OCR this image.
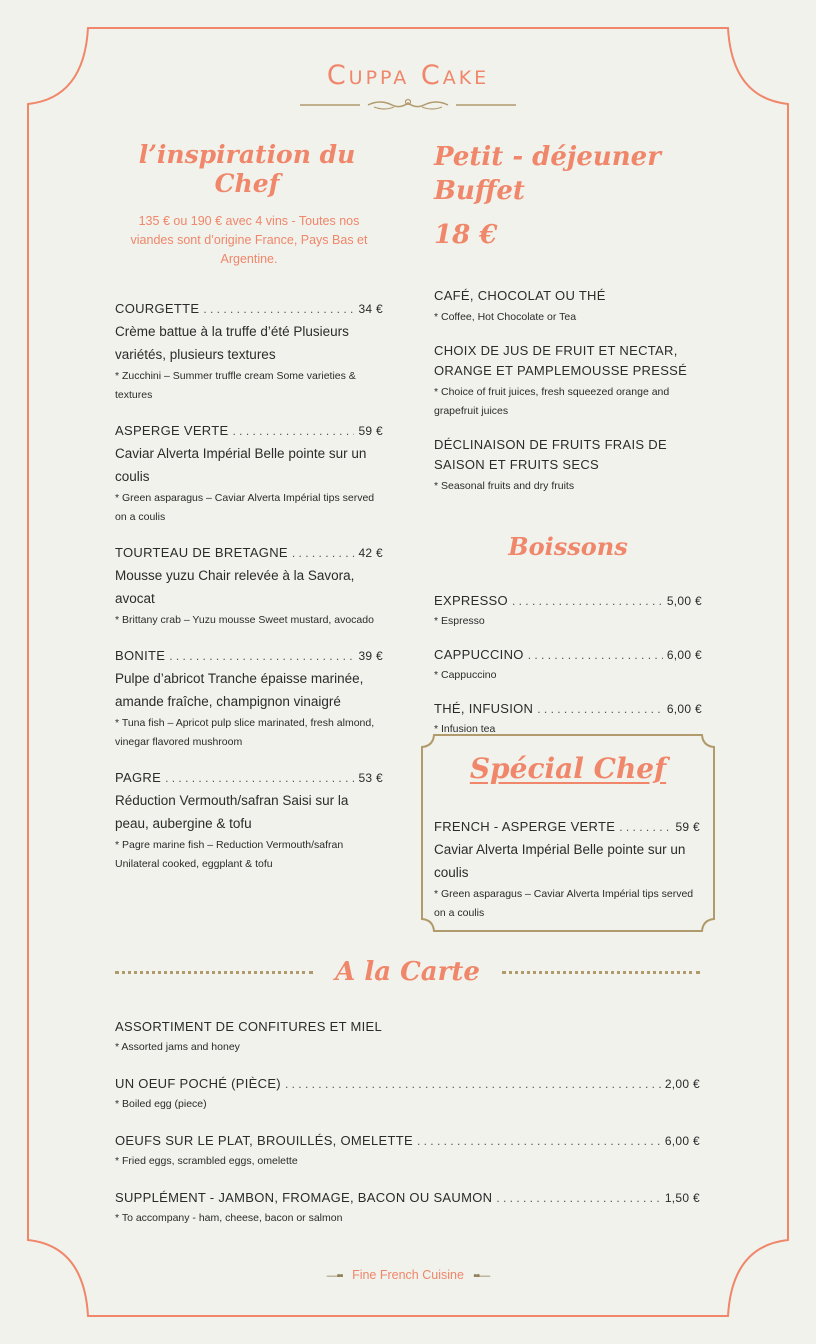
Cuppa Cake
l’inspiration du Chef
135 € ou 190 € avec 4 vins - Toutes nos viandes sont d’origine France, Pays Bas et Argentine.
COURGETTE . . .	34 €
Crème battue à la truffe d’été Plusieurs variétés, plusieurs textures
* Zucchini – Summer truffle cream Some varieties & textures
ASPERGE VERTE . . .	59 €
Caviar Alverta Impérial Belle pointe sur un coulis
* Green asparagus – Caviar Alverta Impérial tips served on a coulis
TOURTEAU DE BRETAGNE . . .	42 €
Mousse yuzu Chair relevée à la Savora, avocat
* Brittany crab – Yuzu mousse Sweet mustard, avocado
BONITE . . .	39 €
Pulpe d’abricot Tranche épaisse marinée, amande fraîche, champignon vinaigré
* Tuna fish – Apricot pulp slice marinated, fresh almond, vinegar flavored mushroom
PAGRE . . .	53 €
Réduction Vermouth/safran Saisi sur la peau, aubergine & tofu
* Pagre marine fish – Reduction Vermouth/safran Unilateral cooked, eggplant & tofu
Petit - déjeuner Buffet
18 €
CAFÉ, CHOCOLAT OU THÉ
* Coffee, Hot Chocolate or Tea
CHOIX DE JUS DE FRUIT ET NECTAR, ORANGE ET PAMPLEMOUSSE PRESSÉ
* Choice of fruit juices, fresh squeezed orange and grapefruit juices
DÉCLINAISON DE FRUITS FRAIS DE SAISON ET FRUITS SECS
* Seasonal fruits and dry fruits
Boissons
EXPRESSO . . .	5,00 €
* Espresso
CAPPUCCINO . . .	6,00 €
* Cappuccino
THÉ, INFUSION . . .	6,00 €
* Infusion tea
Spécial Chef
FRENCH - ASPERGE VERTE . . .	59 €
Caviar Alverta Impérial Belle pointe sur un coulis
* Green asparagus – Caviar Alverta Impérial tips served on a coulis
A la Carte
ASSORTIMENT DE CONFITURES ET MIEL
* Assorted jams and honey
UN OEUF POCHÉ (PIÈCE) . . .	2,00 €
* Boiled egg (piece)
OEUFS SUR LE PLAT, BROUILLÉS, OMELETTE . . .	6,00 €
* Fried eggs, scrambled eggs, omelette
SUPPLÉMENT - JAMBON, FROMAGE, BACON OU SAUMON . . .	1,50 €
* To accompany - ham, cheese, bacon or salmon
—▪▪ Fine French Cuisine ▪▪—
